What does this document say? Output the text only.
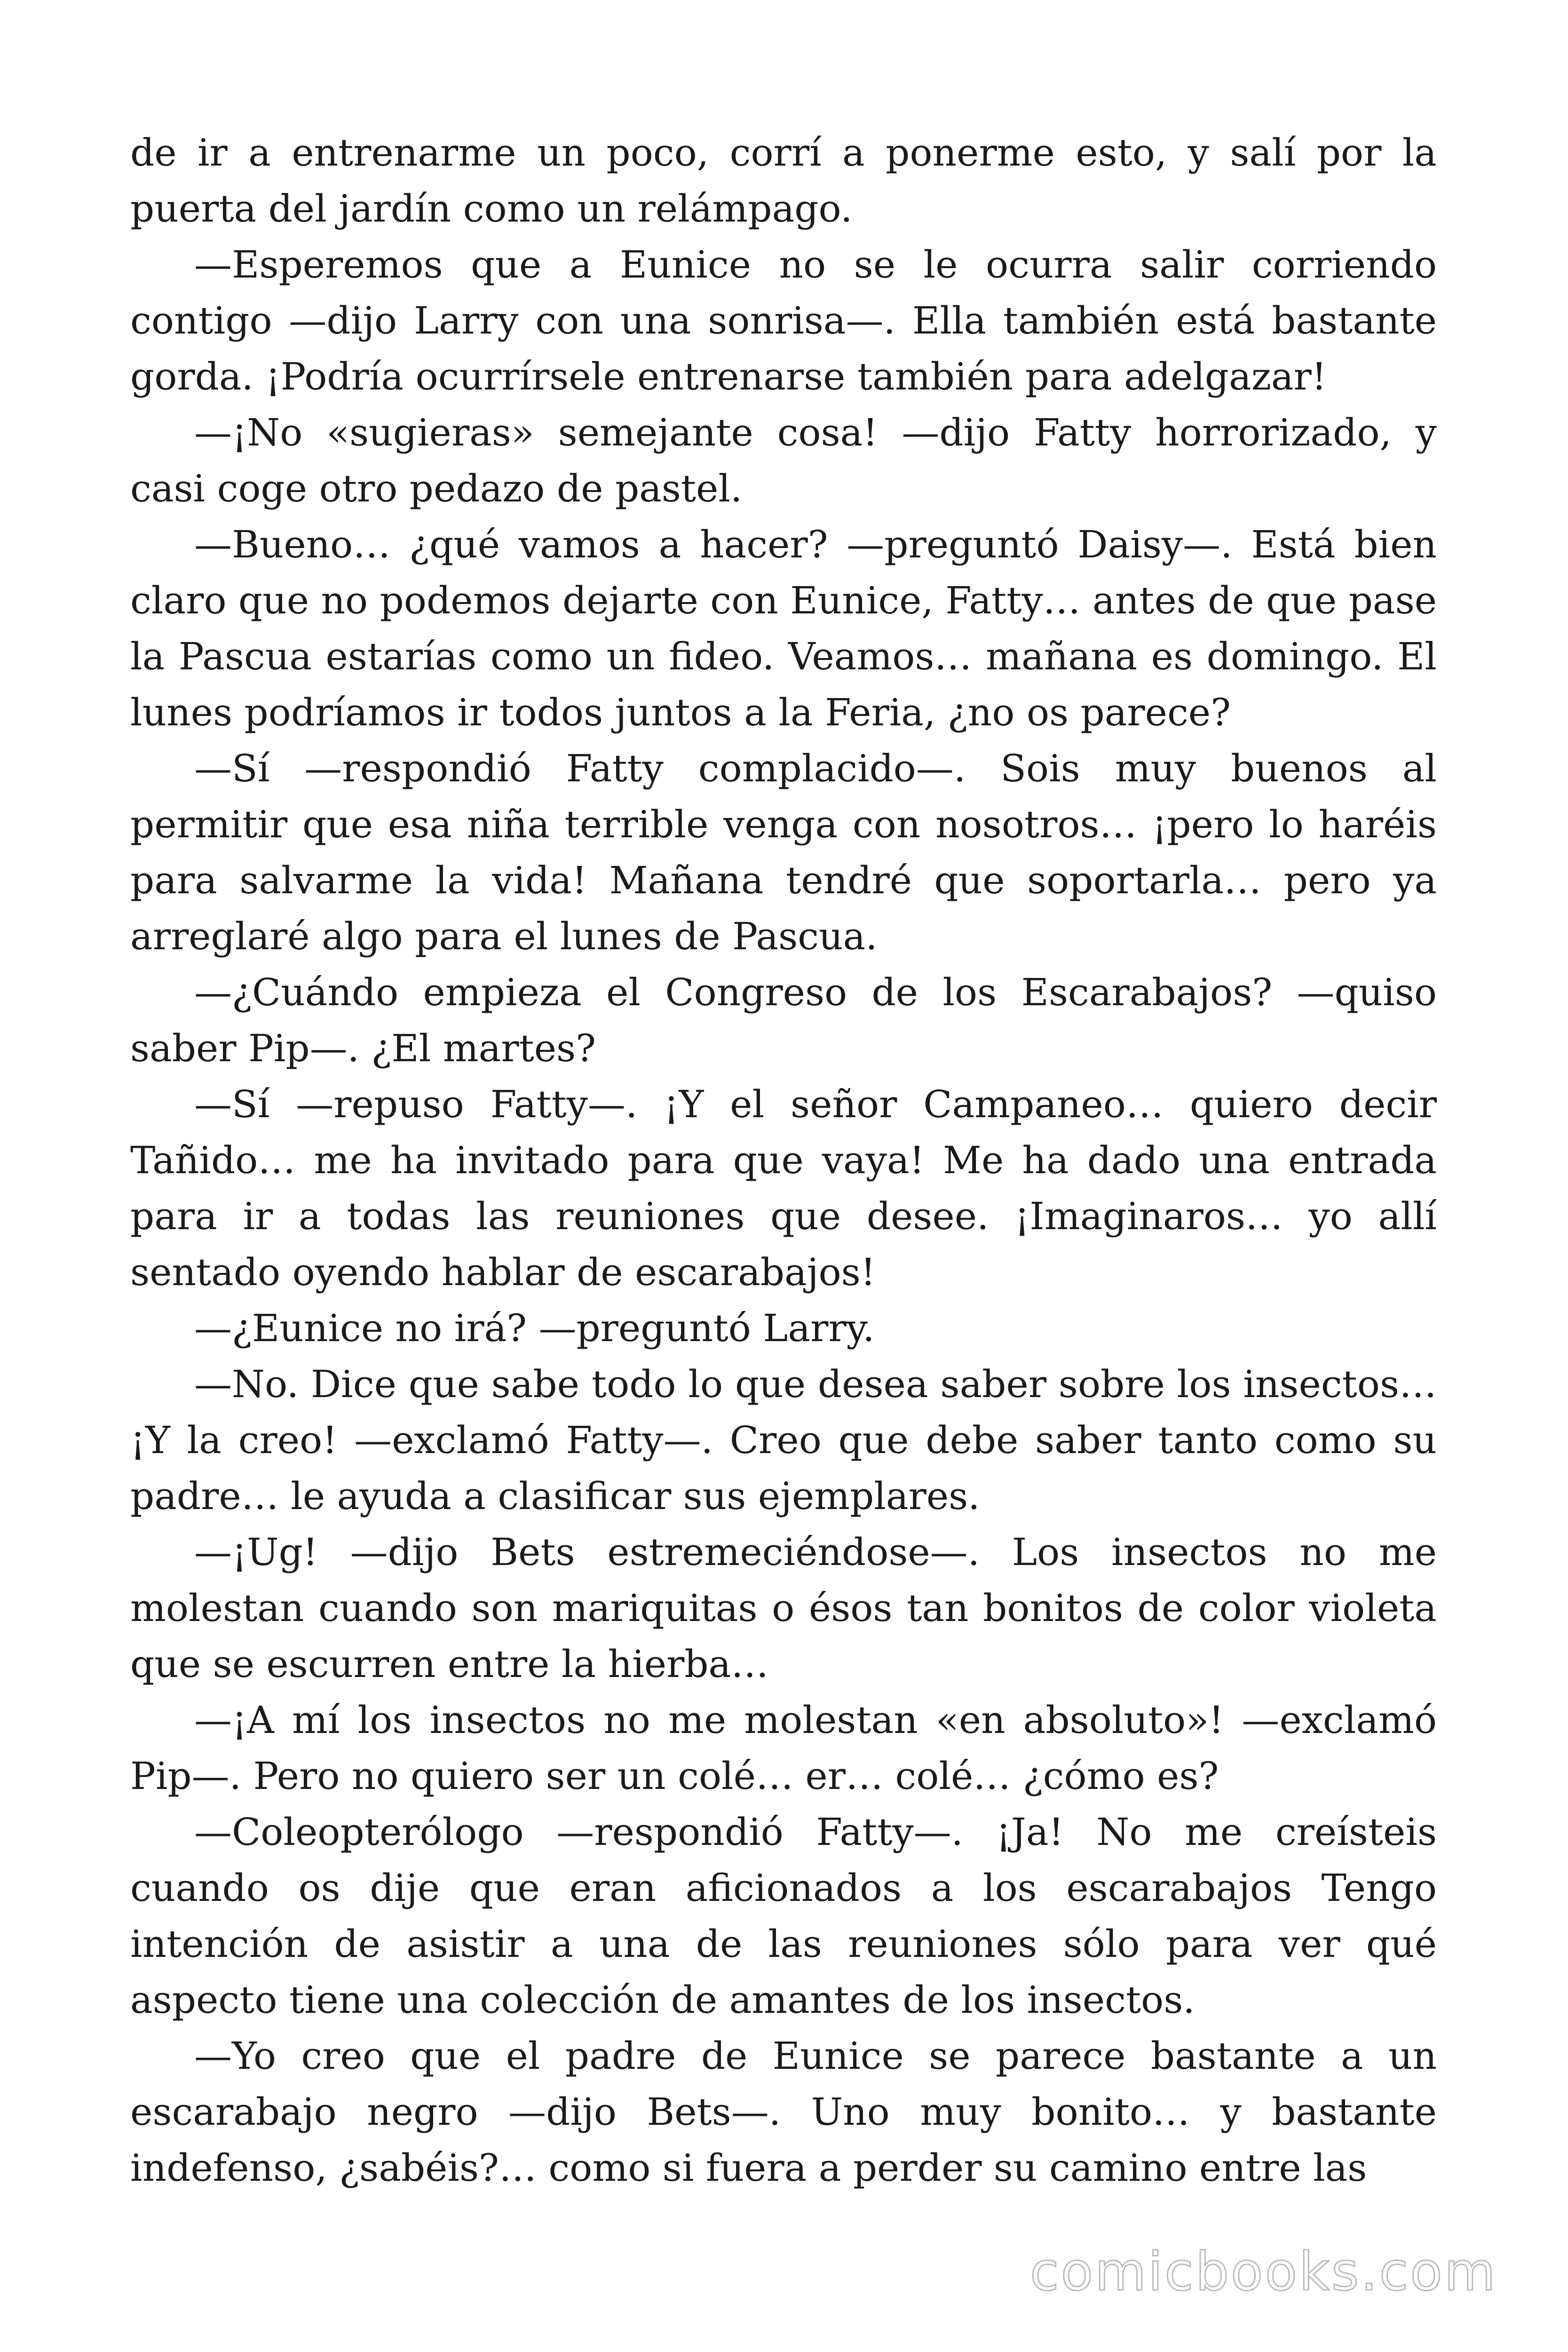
de ir a entrenarme un poco, corrí a ponerme esto, y salí por la puerta del jardín como un relámpago.

—Esperemos que a Eunice no se le ocurra salir corriendo contigo —dijo Larry con una sonrisa—. Ella también está bastante gorda. ¡Podría ocurrírsele entrenarse también para adelgazar!

—¡No «sugieras» semejante cosa! —dijo Fatty horrorizado, y casi coge otro pedazo de pastel.

—Bueno… ¿qué vamos a hacer? —preguntó Daisy—. Está bien claro que no podemos dejarte con Eunice, Fatty… antes de que pase la Pascua estarías como un fideo. Veamos… mañana es domingo. El lunes podríamos ir todos juntos a la Feria, ¿no os parece?

—Sí —respondió Fatty complacido—. Sois muy buenos al permitir que esa niña terrible venga con nosotros… ¡pero lo haréis para salvarme la vida! Mañana tendré que soportarla… pero ya arreglaré algo para el lunes de Pascua.

—¿Cuándo empieza el Congreso de los Escarabajos? —quiso saber Pip—. ¿El martes?

—Sí —repuso Fatty—. ¡Y el señor Campaneo… quiero decir Tañido… me ha invitado para que vaya! Me ha dado una entrada para ir a todas las reuniones que desee. ¡Imaginaros… yo allí sentado oyendo hablar de escarabajos!

—¿Eunice no irá? —preguntó Larry.

—No. Dice que sabe todo lo que desea saber sobre los insectos… ¡Y la creo! —exclamó Fatty—. Creo que debe saber tanto como su padre… le ayuda a clasificar sus ejemplares.

—¡Ug! —dijo Bets estremeciéndose—. Los insectos no me molestan cuando son mariquitas o ésos tan bonitos de color violeta que se escurren entre la hierba…

—¡A mí los insectos no me molestan «en absoluto»! —exclamó Pip—. Pero no quiero ser un colé… er… colé… ¿cómo es?

—Coleopterólogo —respondió Fatty—. ¡Ja! No me creísteis cuando os dije que eran aficionados a los escarabajos Tengo intención de asistir a una de las reuniones sólo para ver qué aspecto tiene una colección de amantes de los insectos.

—Yo creo que el padre de Eunice se parece bastante a un escarabajo negro —dijo Bets—. Uno muy bonito… y bastante indefenso, ¿sabéis?… como si fuera a perder su camino entre las

comicbooks.com
